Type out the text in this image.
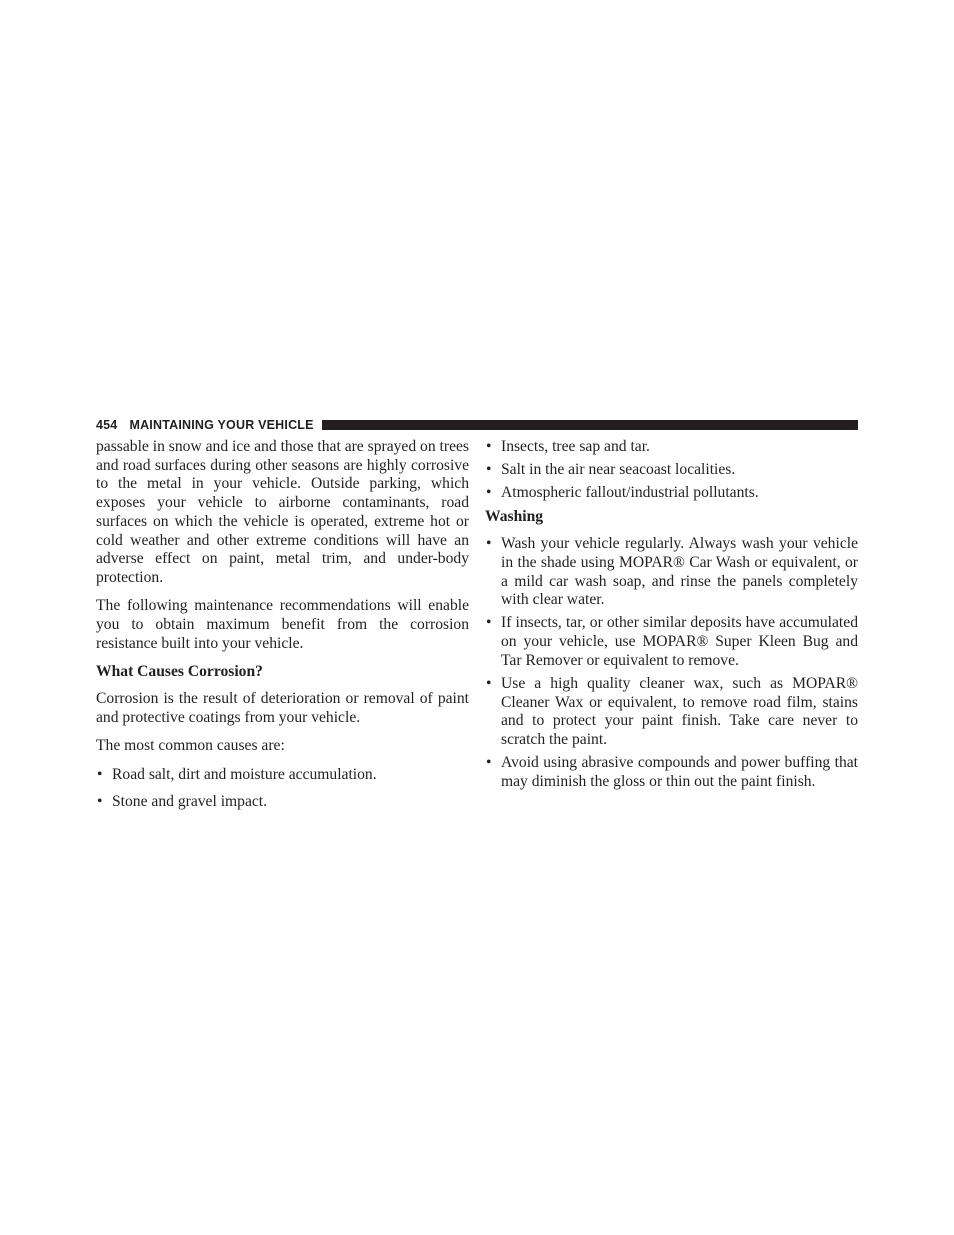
454 MAINTAINING YOUR VEHICLE

passable in snow and ice and those that are sprayed on trees and road surfaces during other seasons are highly corrosive to the metal in your vehicle. Outside parking, which exposes your vehicle to airborne contaminants, road surfaces on which the vehicle is operated, extreme hot or cold weather and other extreme conditions will have an adverse effect on paint, metal trim, and under-body protection.

The following maintenance recommendations will enable you to obtain maximum benefit from the corrosion resistance built into your vehicle.

What Causes Corrosion?

Corrosion is the result of deterioration or removal of paint and protective coatings from your vehicle.

The most common causes are:

• Road salt, dirt and moisture accumulation.
• Stone and gravel impact.
• Insects, tree sap and tar.
• Salt in the air near seacoast localities.
• Atmospheric fallout/industrial pollutants.
Washing
• Wash your vehicle regularly. Always wash your vehicle in the shade using MOPAR® Car Wash or equivalent, or a mild car wash soap, and rinse the panels completely with clear water.
• If insects, tar, or other similar deposits have accumulated on your vehicle, use MOPAR® Super Kleen Bug and Tar Remover or equivalent to remove.
• Use a high quality cleaner wax, such as MOPAR® Cleaner Wax or equivalent, to remove road film, stains and to protect your paint finish. Take care never to scratch the paint.
• Avoid using abrasive compounds and power buffing that may diminish the gloss or thin out the paint finish.
